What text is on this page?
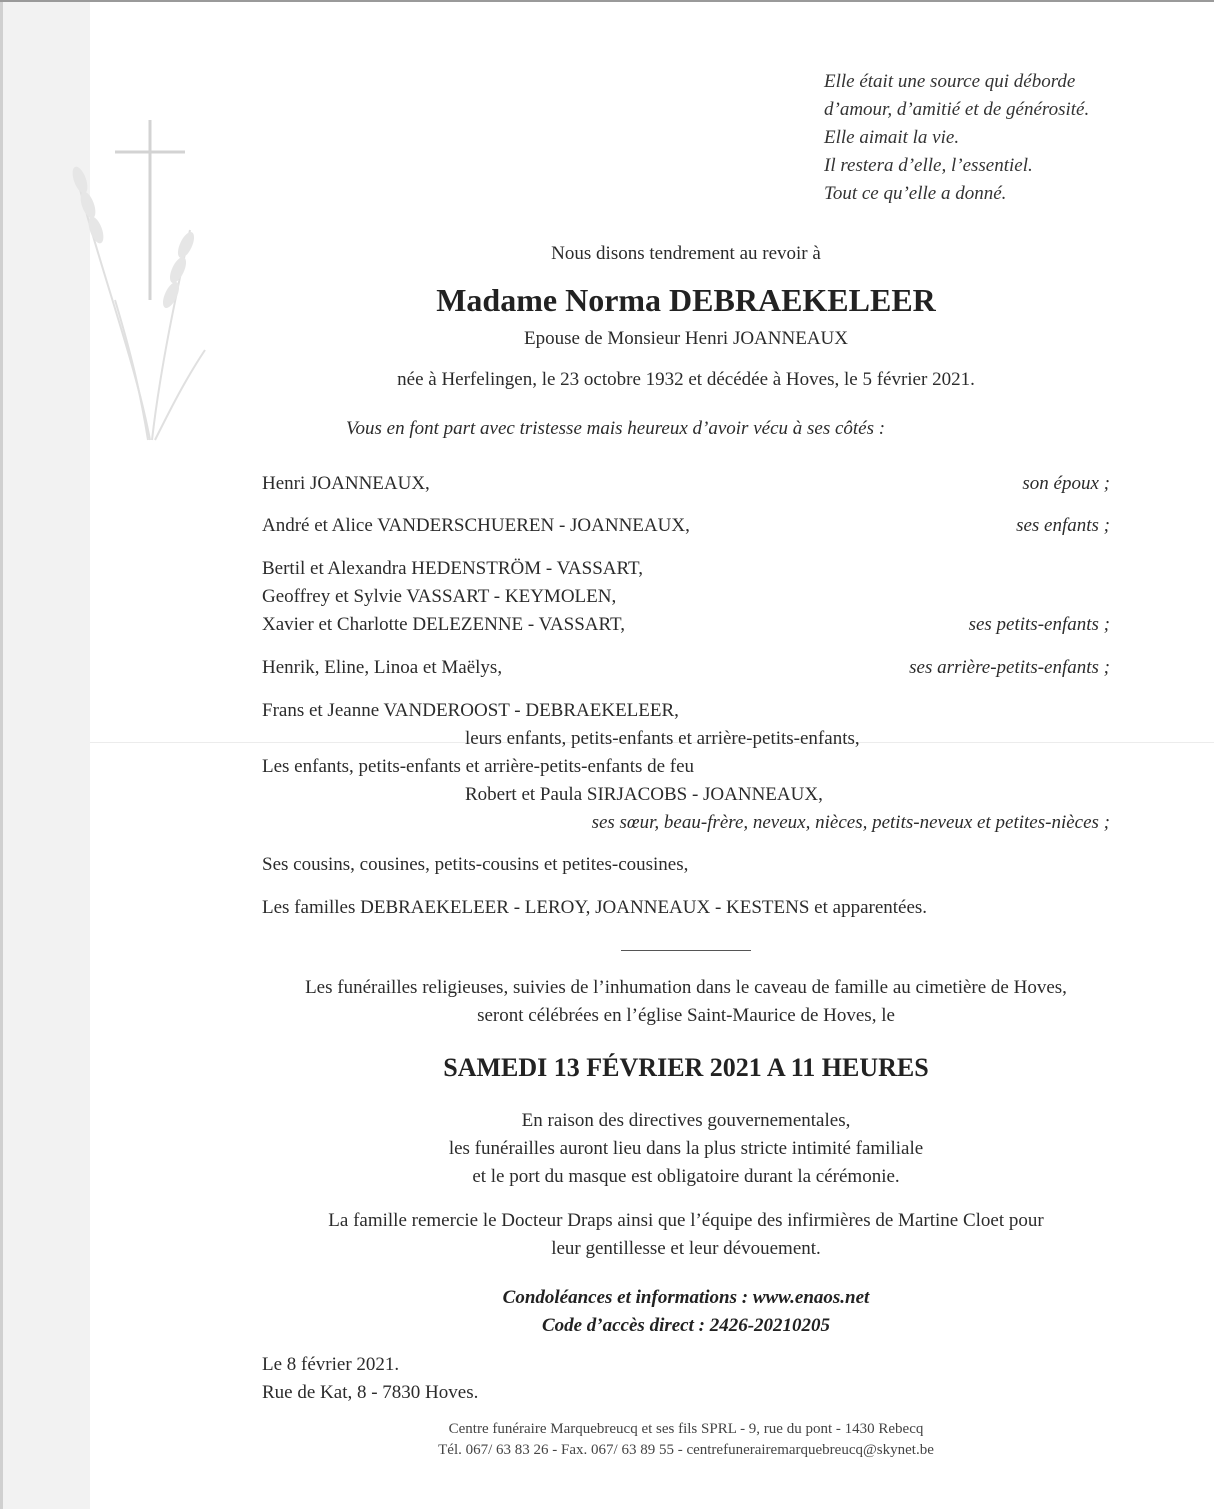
Elle était une source qui déborde
d’amour, d’amitié et de générosité.
Elle aimait la vie.
Il restera d’elle, l’essentiel.
Tout ce qu’elle a donné.
Nous disons tendrement au revoir à
Madame Norma DEBRAEKELEER
Epouse de Monsieur Henri JOANNEAUX
née à Herfelingen, le 23 octobre 1932 et décédée à Hoves, le 5 février 2021.
Vous en font part avec tristesse mais heureux d’avoir vécu à ses côtés :
Henri JOANNEAUX,	son époux ;
André et Alice VANDERSCHUEREN - JOANNEAUX,	ses enfants ;
Bertil et Alexandra HEDENSTRÖM - VASSART,
Geoffrey et Sylvie VASSART - KEYMOLEN,
Xavier et Charlotte DELEZENNE - VASSART,	ses petits-enfants ;
Henrik, Eline, Linoa et Maëlys,	ses arrière-petits-enfants ;
Frans et Jeanne VANDEROOST - DEBRAEKELEER,
leurs enfants, petits-enfants et arrière-petits-enfants,
Les enfants, petits-enfants et arrière-petits-enfants de feu
Robert et Paula SIRJACOBS - JOANNEAUX,
ses sœur, beau-frère, neveux, nièces, petits-neveux et petites-nièces ;
Ses cousins, cousines, petits-cousins et petites-cousines,
Les familles DEBRAEKELEER - LEROY, JOANNEAUX - KESTENS et apparentées.
Les funérailles religieuses, suivies de l’inhumation dans le caveau de famille au cimetière de Hoves,
seront célébrées en l’église Saint-Maurice de Hoves, le
SAMEDI 13 FÉVRIER 2021 A 11 HEURES
En raison des directives gouvernementales,
les funérailles auront lieu dans la plus stricte intimité familiale
et le port du masque est obligatoire durant la cérémonie.
La famille remercie le Docteur Draps ainsi que l’équipe des infirmières de Martine Cloet pour
leur gentillesse et leur dévouement.
Condoléances et informations : www.enaos.net
Code d’accès direct : 2426-20210205
Le 8 février 2021.
Rue de Kat, 8 - 7830 Hoves.
Centre funéraire Marquebreucq et ses fils SPRL - 9, rue du pont - 1430 Rebecq
Tél. 067/ 63 83 26 - Fax. 067/ 63 89 55 - centrefunerairemarquebreucq@skynet.be
